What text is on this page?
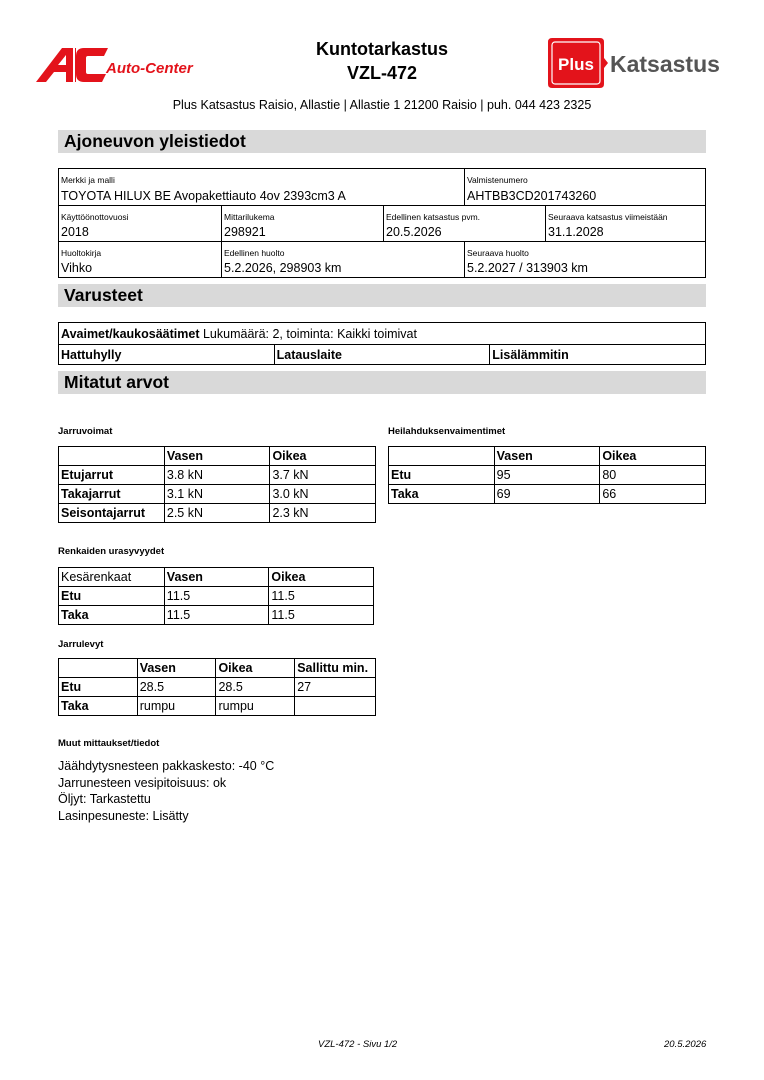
Auto-Center
Kuntotarkastus
VZL-472	Plus Katsastus
Plus Katsastus Raisio, Allastie | Allastie 1 21200 Raisio | puh. 044 423 2325
Ajoneuvon yleistiedot
Merkki ja malli
TOYOTA HILUX BE Avopakettiauto 4ov 2393cm3 A
Valmistenumero
AHTBB3CD201743260
Käyttöönottovuosi
2018
Mittarilukema
298921
Edellinen katsastus pvm.
20.5.2026
Seuraava katsastus viimeistään
31.1.2028
Huoltokirja
Vihko
Edellinen huolto
5.2.2026, 298903 km
Seuraava huolto
5.2.2027 / 313903 km
Varusteet
Avaimet/kaukosäätimet Lukumäärä: 2, toiminta: Kaikki toimivat
Hattuhylly	Latauslaite	Lisälämmitin
Mitatut arvot
Jarruvoimat
	Vasen	Oikea
Etujarrut	3.8 kN	3.7 kN
Takajarrut	3.1 kN	3.0 kN
Seisontajarrut	2.5 kN	2.3 kN
Heilahduksenvaimentimet
	Vasen	Oikea
Etu	95	80
Taka	69	66
Renkaiden urasyvyydet
Kesärenkaat	Vasen	Oikea
Etu	11.5	11.5
Taka	11.5	11.5
Jarrulevyt
	Vasen	Oikea	Sallittu min.
Etu	28.5	28.5	27
Taka	rumpu	rumpu	
Muut mittaukset/tiedot
Jäähdytysnesteen pakkaskesto: -40 °C
Jarrunesteen vesipitoisuus: ok
Öljyt: Tarkastettu
Lasinpesuneste: Lisätty
VZL-472 - Sivu 1/2	20.5.2026
